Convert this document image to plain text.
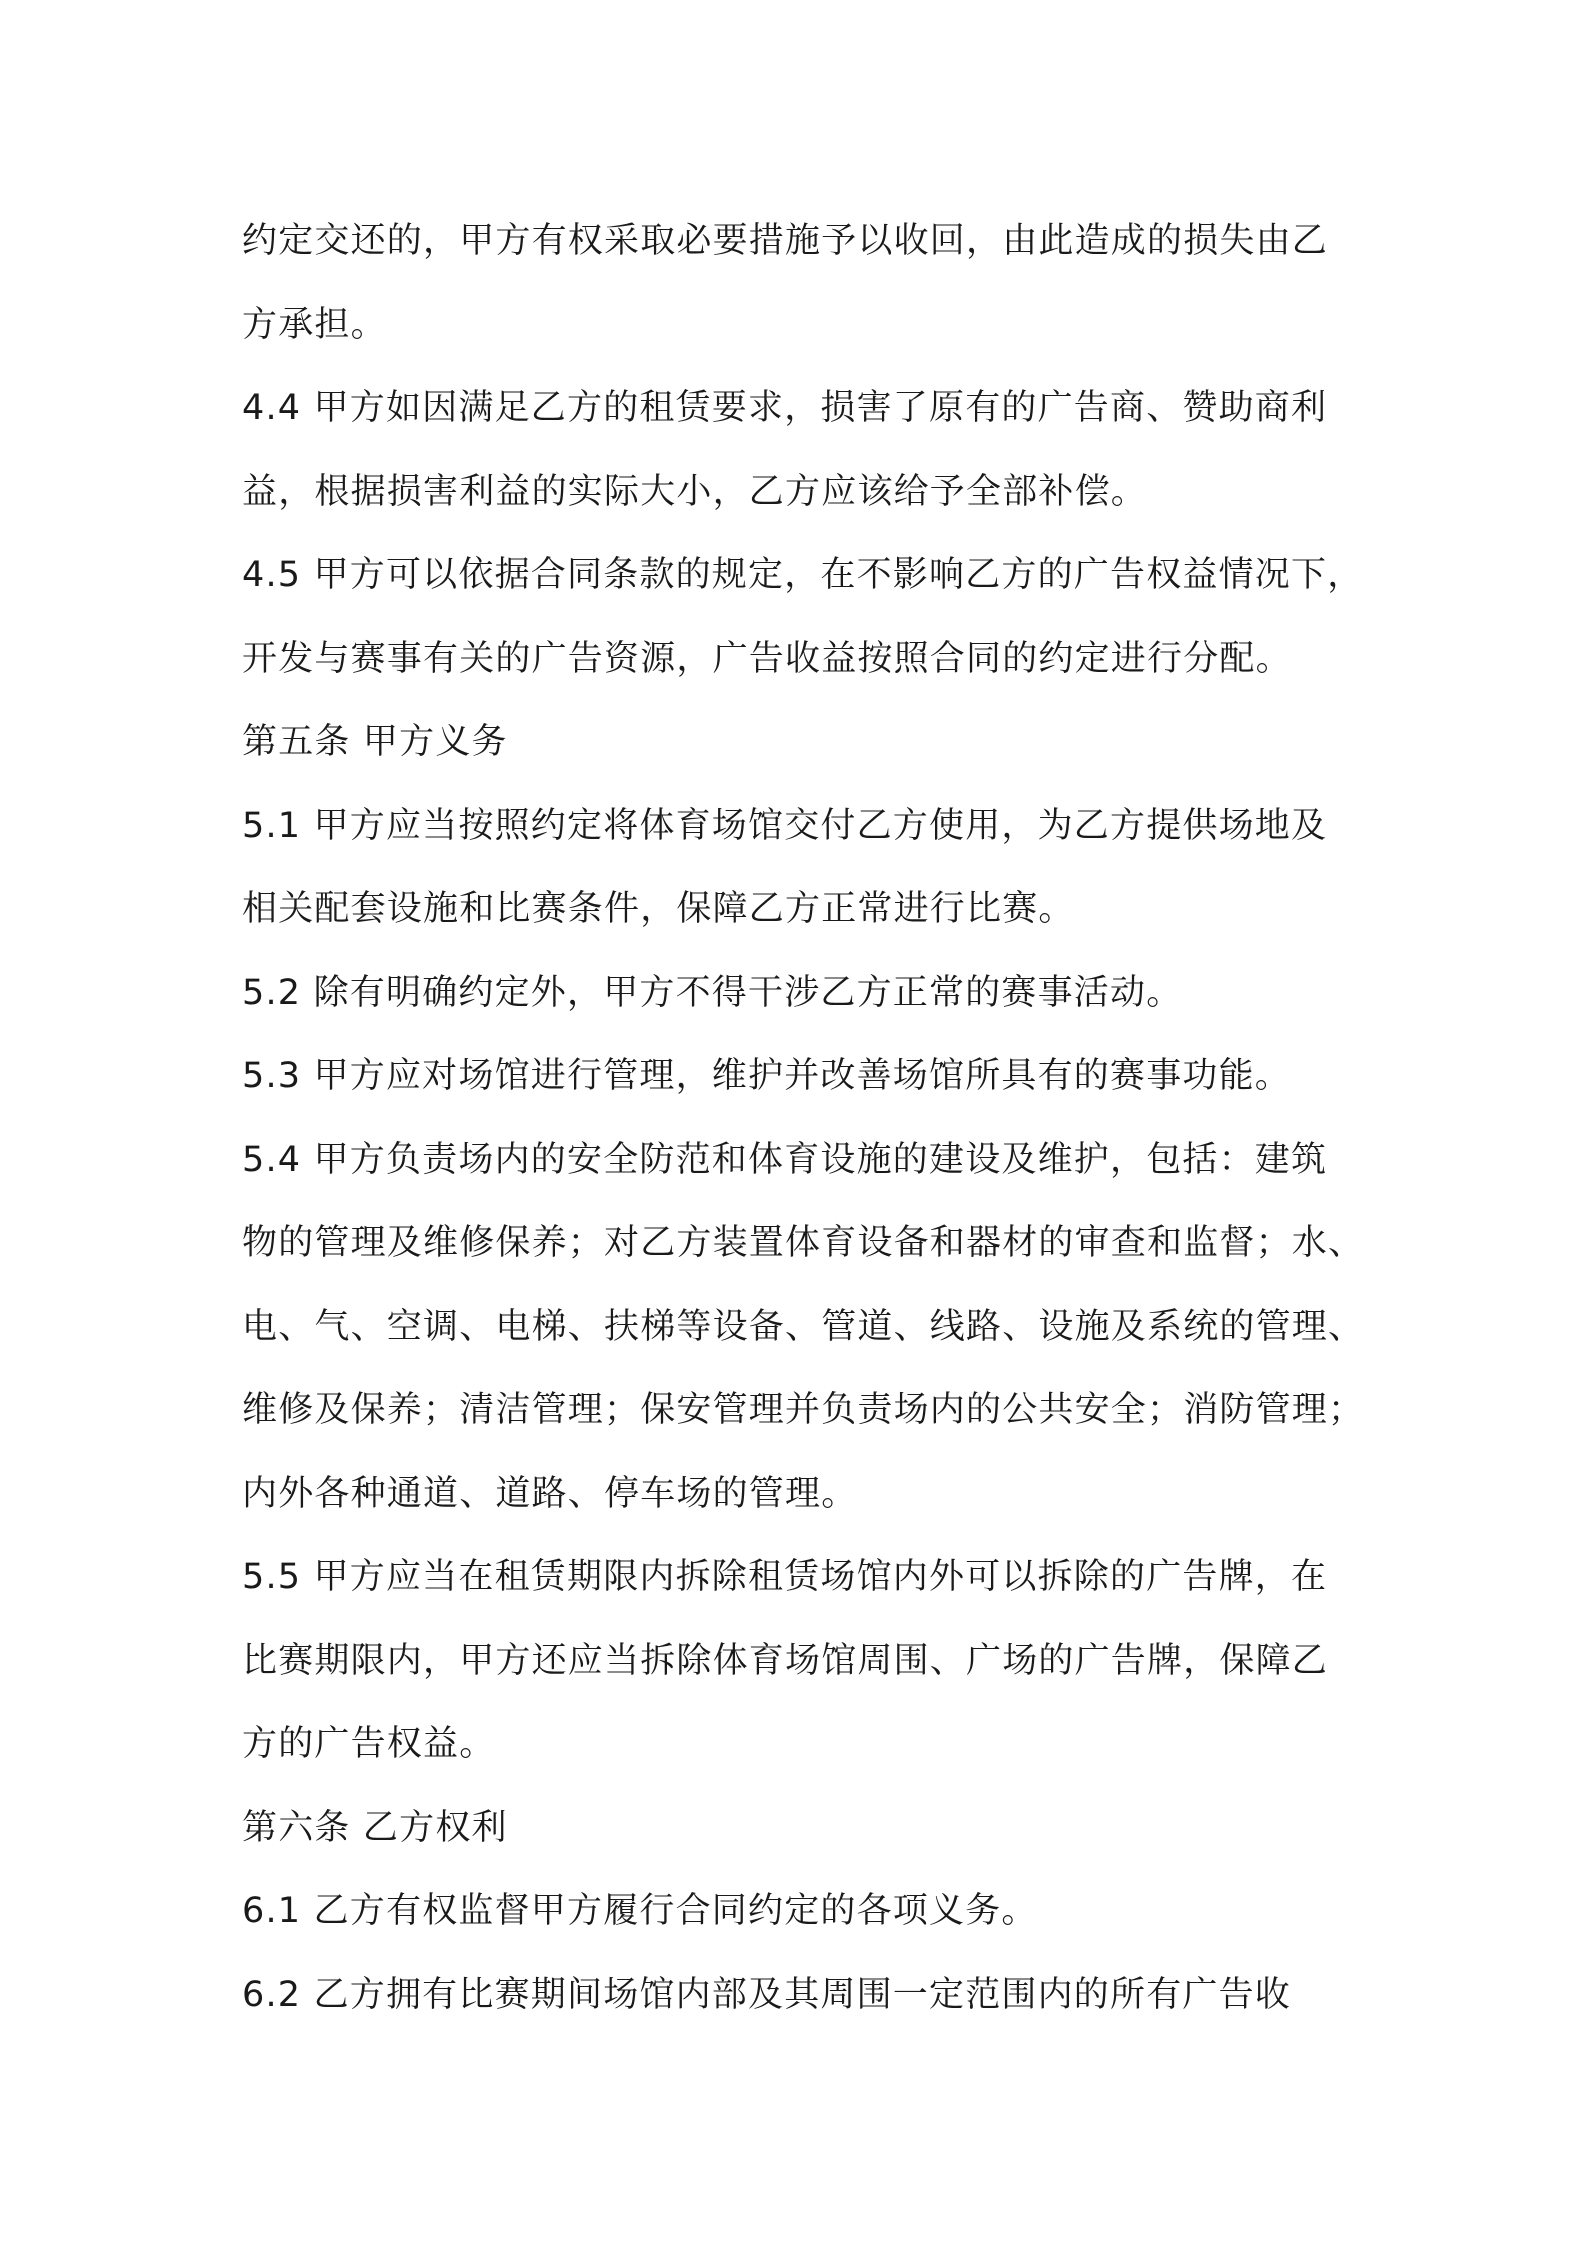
约定交还的，甲方有权采取必要措施予以收回，由此造成的损失由乙
方承担。
4.4 甲方如因满足乙方的租赁要求，损害了原有的广告商、赞助商利
益，根据损害利益的实际大小，乙方应该给予全部补偿。
4.5 甲方可以依据合同条款的规定，在不影响乙方的广告权益情况下，
开发与赛事有关的广告资源，广告收益按照合同的约定进行分配。
第五条 甲方义务
5.1 甲方应当按照约定将体育场馆交付乙方使用，为乙方提供场地及
相关配套设施和比赛条件，保障乙方正常进行比赛。
5.2 除有明确约定外，甲方不得干涉乙方正常的赛事活动。
5.3 甲方应对场馆进行管理，维护并改善场馆所具有的赛事功能。
5.4 甲方负责场内的安全防范和体育设施的建设及维护，包括：建筑
物的管理及维修保养；对乙方装置体育设备和器材的审查和监督；水、
电、气、空调、电梯、扶梯等设备、管道、线路、设施及系统的管理、
维修及保养；清洁管理；保安管理并负责场内的公共安全；消防管理；
内外各种通道、道路、停车场的管理。
5.5 甲方应当在租赁期限内拆除租赁场馆内外可以拆除的广告牌，在
比赛期限内，甲方还应当拆除体育场馆周围、广场的广告牌，保障乙
方的广告权益。
第六条 乙方权利
6.1 乙方有权监督甲方履行合同约定的各项义务。
6.2 乙方拥有比赛期间场馆内部及其周围一定范围内的所有广告收
